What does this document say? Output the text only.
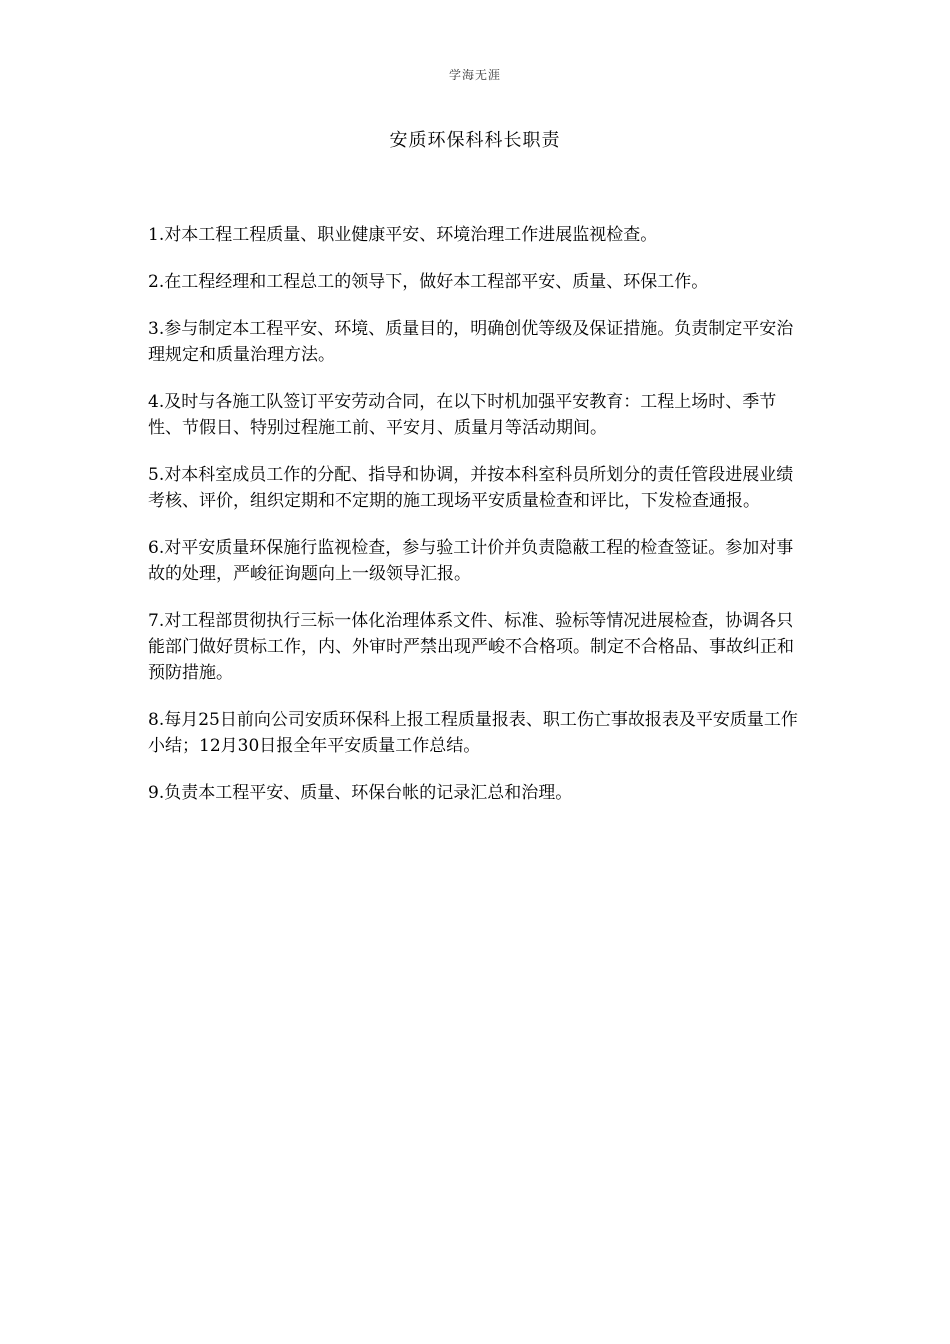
学海无涯
安质环保科科长职责

1.对本工程工程质量、职业健康平安、环境治理工作进展监视检查。

2.在工程经理和工程总工的领导下，做好本工程部平安、质量、环保工作。

3.参与制定本工程平安、环境、质量目的，明确创优等级及保证措施。负责制定平安治理规定和质量治理方法。

4.及时与各施工队签订平安劳动合同，在以下时机加强平安教育：工程上场时、季节性、节假日、特别过程施工前、平安月、质量月等活动期间。

5.对本科室成员工作的分配、指导和协调，并按本科室科员所划分的责任管段进展业绩考核、评价，组织定期和不定期的施工现场平安质量检查和评比，下发检查通报。

6.对平安质量环保施行监视检查，参与验工计价并负责隐蔽工程的检查签证。参加对事故的处理，严峻征询题向上一级领导汇报。

7.对工程部贯彻执行三标一体化治理体系文件、标准、验标等情况进展检查，协调各只能部门做好贯标工作，内、外审时严禁出现严峻不合格项。制定不合格品、事故纠正和预防措施。

8.每月25日前向公司安质环保科上报工程质量报表、职工伤亡事故报表及平安质量工作小结；12月30日报全年平安质量工作总结。

9.负责本工程平安、质量、环保台帐的记录汇总和治理。
